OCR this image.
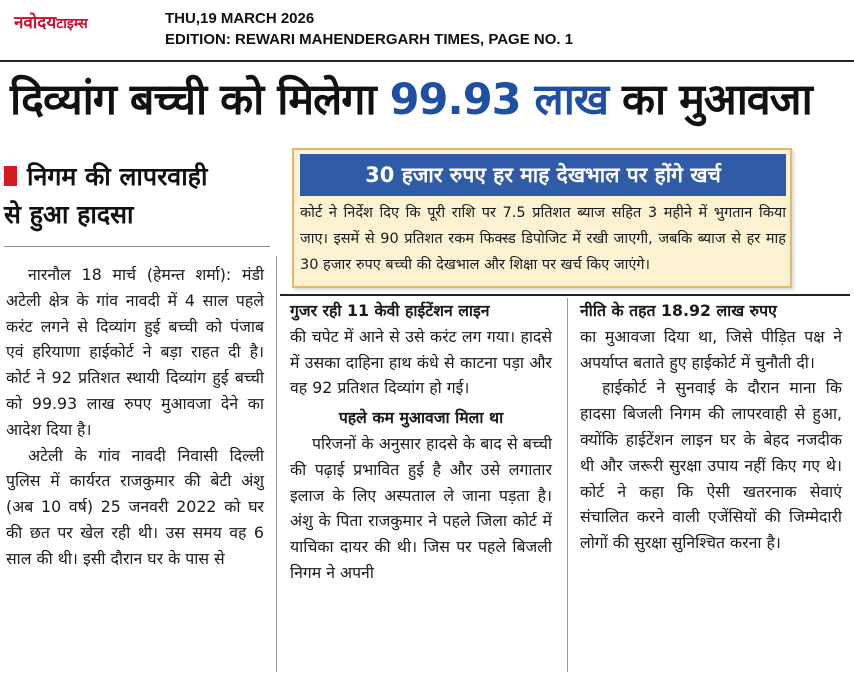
नवोदयटाइम्स	THU,19 MARCH 2026
EDITION: REWARI MAHENDERGARH TIMES, PAGE NO. 1
दिव्यांग बच्ची को मिलेगा 99.93 लाख का मुआवजा
निगम की लापरवाही
से हुआ हादसा
30 हजार रुपए हर माह देखभाल पर होंगे खर्च
कोर्ट ने निर्देश दिए कि पूरी राशि पर 7.5 प्रतिशत ब्याज सहित 3 महीने में भुगतान किया जाए। इसमें से 90 प्रतिशत रकम फिक्स्ड डिपोजिट में रखी जाएगी, जबकि ब्याज से हर माह 30 हजार रुपए बच्ची की देखभाल और शिक्षा पर खर्च किए जाएंगे।

नारनौल 18 मार्च (हेमन्त शर्मा): मंडी अटेली क्षेत्र के गांव नावदी में 4 साल पहले करंट लगने से दिव्यांग हुई बच्ची को पंजाब एवं हरियाणा हाईकोर्ट ने बड़ा राहत दी है। कोर्ट ने 92 प्रतिशत स्थायी दिव्यांग हुई बच्ची को 99.93 लाख रुपए मुआवजा देने का आदेश दिया है।

अटेली के गांव नावदी निवासी दिल्ली पुलिस में कार्यरत राजकुमार की बेटी अंशु (अब 10 वर्ष) 25 जनवरी 2022 को घर की छत पर खेल रही थी। उस समय वह 6 साल की थी। इसी दौरान घर के पास से

गुजर रही 11 केवी हाईटेंशन लाइन

की चपेट में आने से उसे करंट लग गया। हादसे में उसका दाहिना हाथ कंधे से काटना पड़ा और वह 92 प्रतिशत दिव्यांग हो गई।

पहले कम मुआवजा मिला था

परिजनों के अनुसार हादसे के बाद से बच्ची की पढ़ाई प्रभावित हुई है और उसे लगातार इलाज के लिए अस्पताल ले जाना पड़ता है। अंशु के पिता राजकुमार ने पहले जिला कोर्ट में याचिका दायर की थी। जिस पर पहले बिजली निगम ने अपनी

नीति के तहत 18.92 लाख रुपए

का मुआवजा दिया था, जिसे पीड़ित पक्ष ने अपर्याप्त बताते हुए हाईकोर्ट में चुनौती दी।

हाईकोर्ट ने सुनवाई के दौरान माना कि हादसा बिजली निगम की लापरवाही से हुआ, क्योंकि हाईटेंशन लाइन घर के बेहद नजदीक थी और जरूरी सुरक्षा उपाय नहीं किए गए थे। कोर्ट ने कहा कि ऐसी खतरनाक सेवाएं संचालित करने वाली एजेंसियों की जिम्मेदारी लोगों की सुरक्षा सुनिश्चित करना है।
